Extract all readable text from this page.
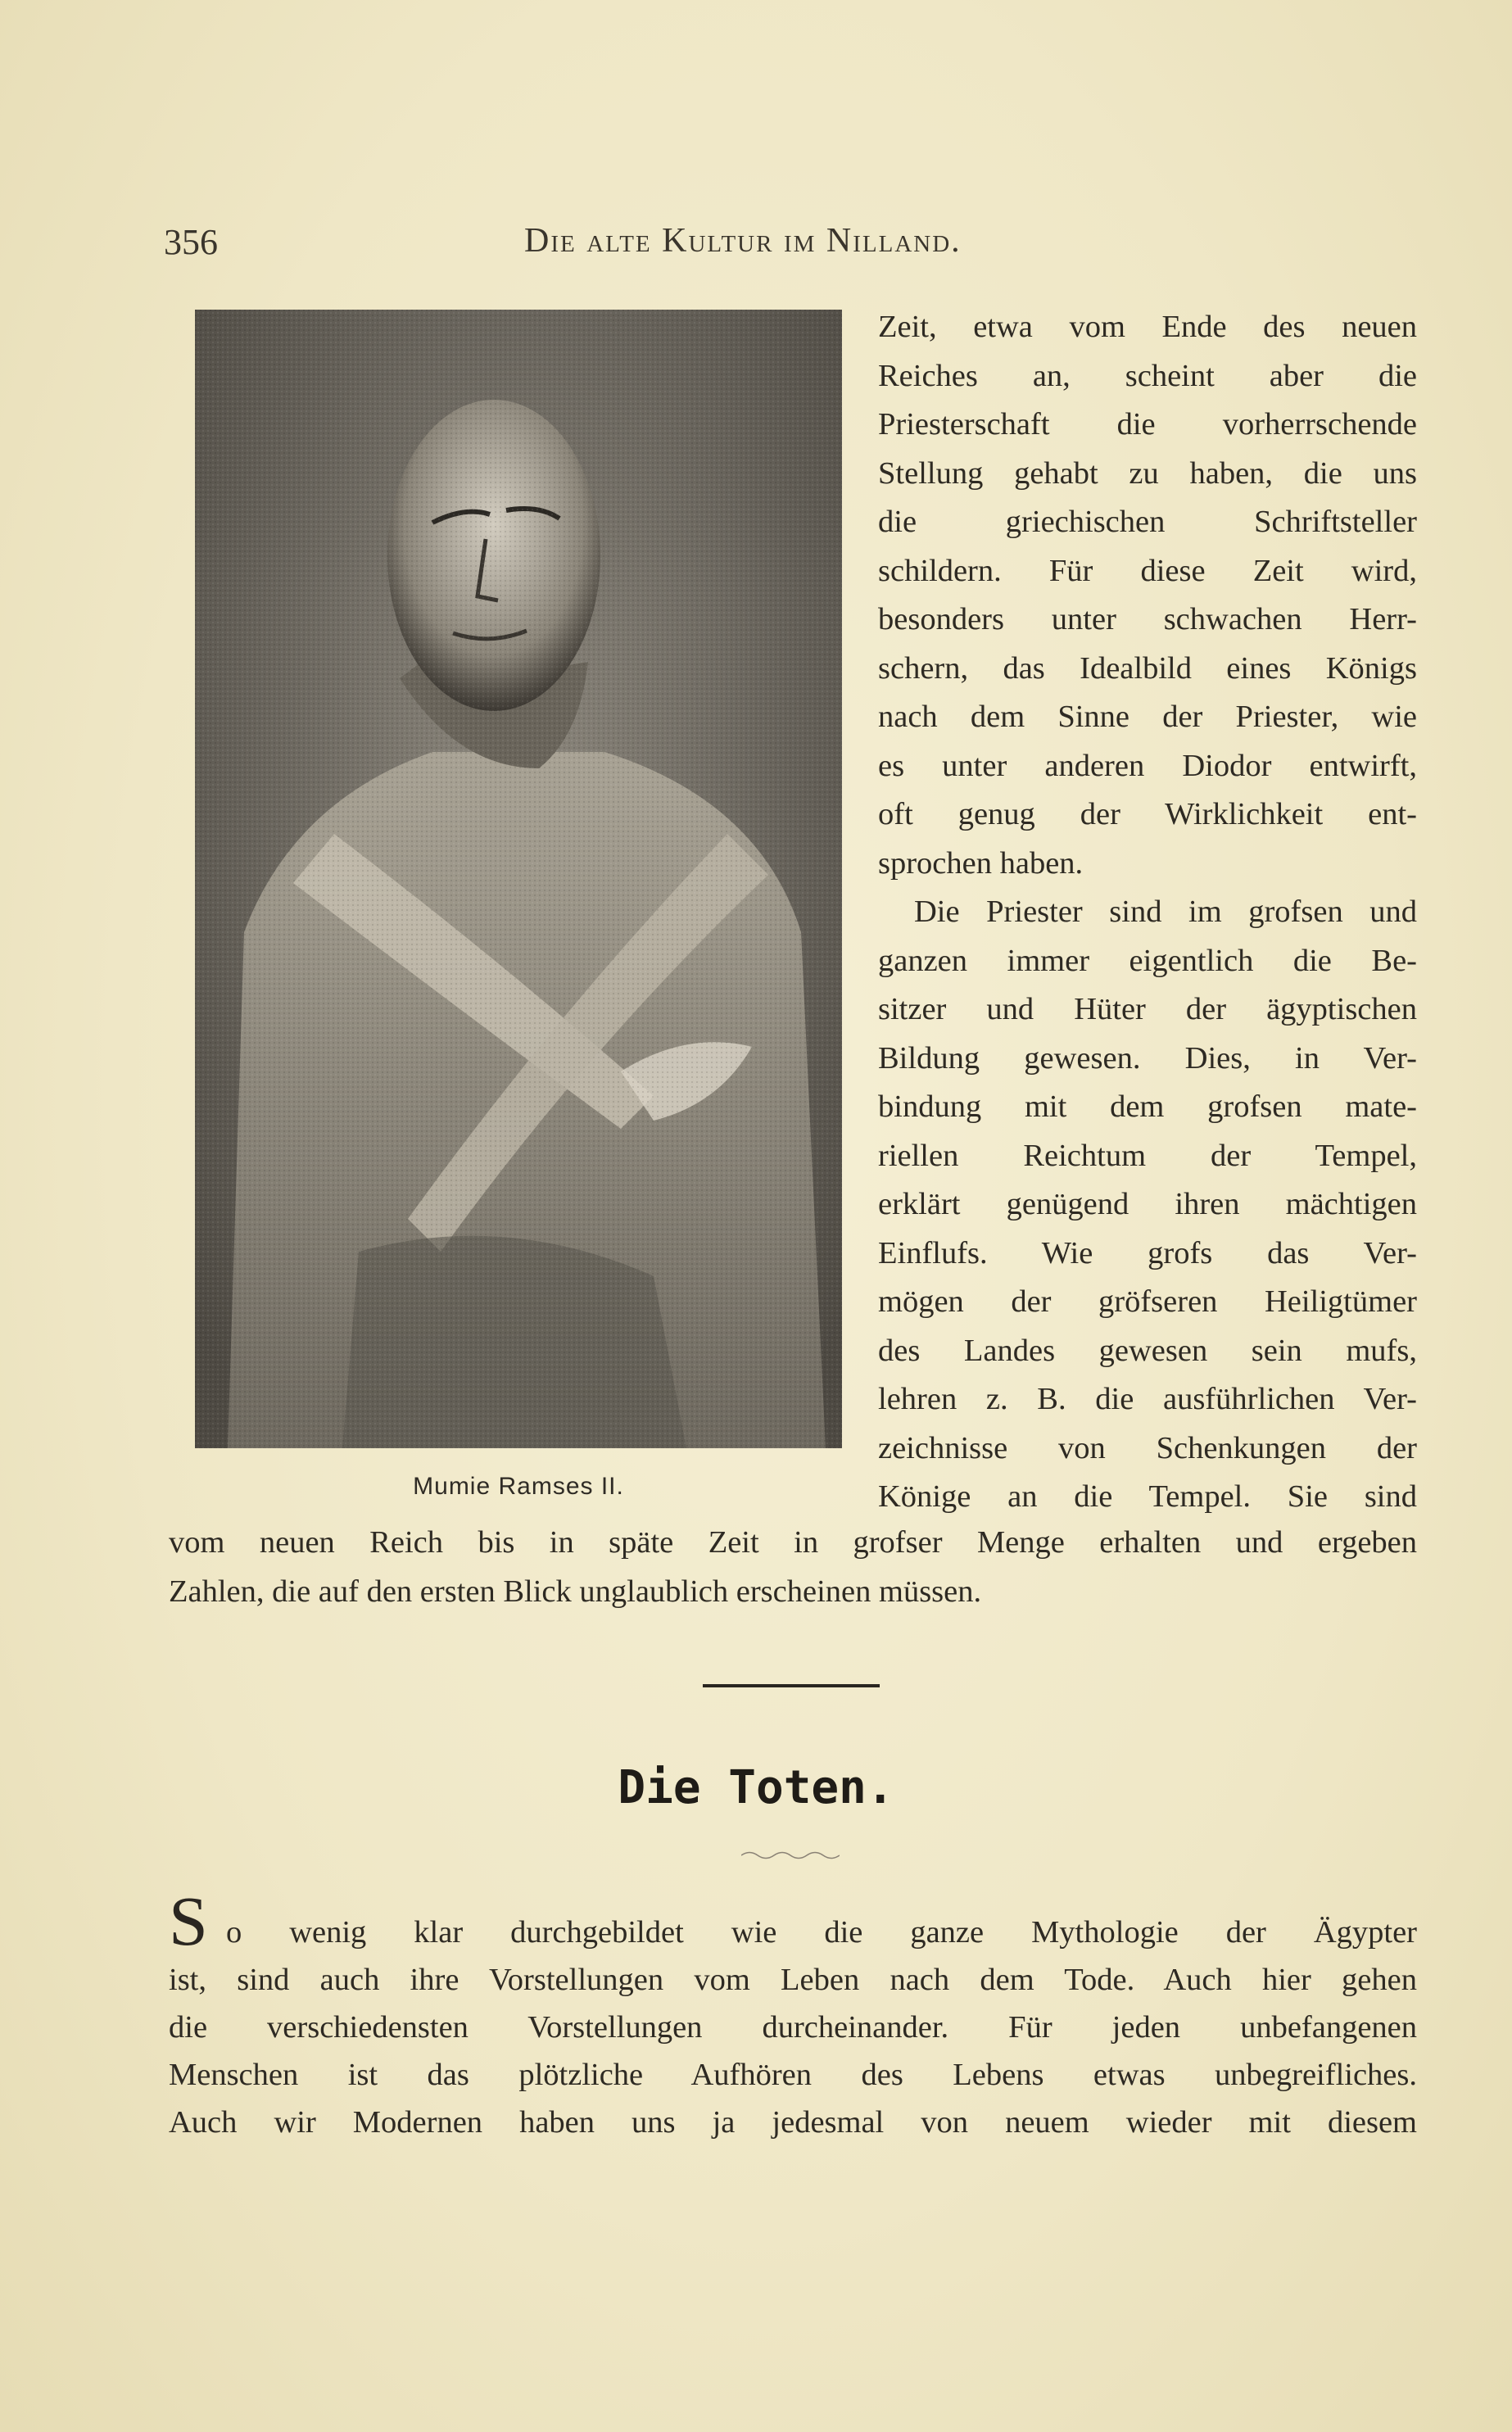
356	Die alte Kultur im Nilland.
Mumie Ramses II.
Zeit, etwa vom Ende des neuen
Reiches an, scheint aber die
Priesterschaft die vorherrschende
Stellung gehabt zu haben, die uns
die griechischen Schriftsteller
schildern. Für diese Zeit wird,
besonders unter schwachen Herr-
schern, das Idealbild eines Königs
nach dem Sinne der Priester, wie
es unter anderen Diodor entwirft,
oft genug der Wirklichkeit ent-
sprochen haben.
Die Priester sind im grofsen und
ganzen immer eigentlich die Be-
sitzer und Hüter der ägyptischen
Bildung gewesen. Dies, in Ver-
bindung mit dem grofsen mate-
riellen Reichtum der Tempel,
erklärt genügend ihren mächtigen
Einflufs. Wie grofs das Ver-
mögen der gröfseren Heiligtümer
des Landes gewesen sein mufs,
lehren z. B. die ausführlichen Ver-
zeichnisse von Schenkungen der
Könige an die Tempel. Sie sind
vom neuen Reich bis in späte Zeit in grofser Menge erhalten und ergeben
Zahlen, die auf den ersten Blick unglaublich erscheinen müssen.
Die Toten.
S o wenig klar durchgebildet wie die ganze Mythologie der Ägypter
ist, sind auch ihre Vorstellungen vom Leben nach dem Tode. Auch hier gehen
die verschiedensten Vorstellungen durcheinander. Für jeden unbefangenen
Menschen ist das plötzliche Aufhören des Lebens etwas unbegreifliches.
Auch wir Modernen haben uns ja jedesmal von neuem wieder mit diesem
